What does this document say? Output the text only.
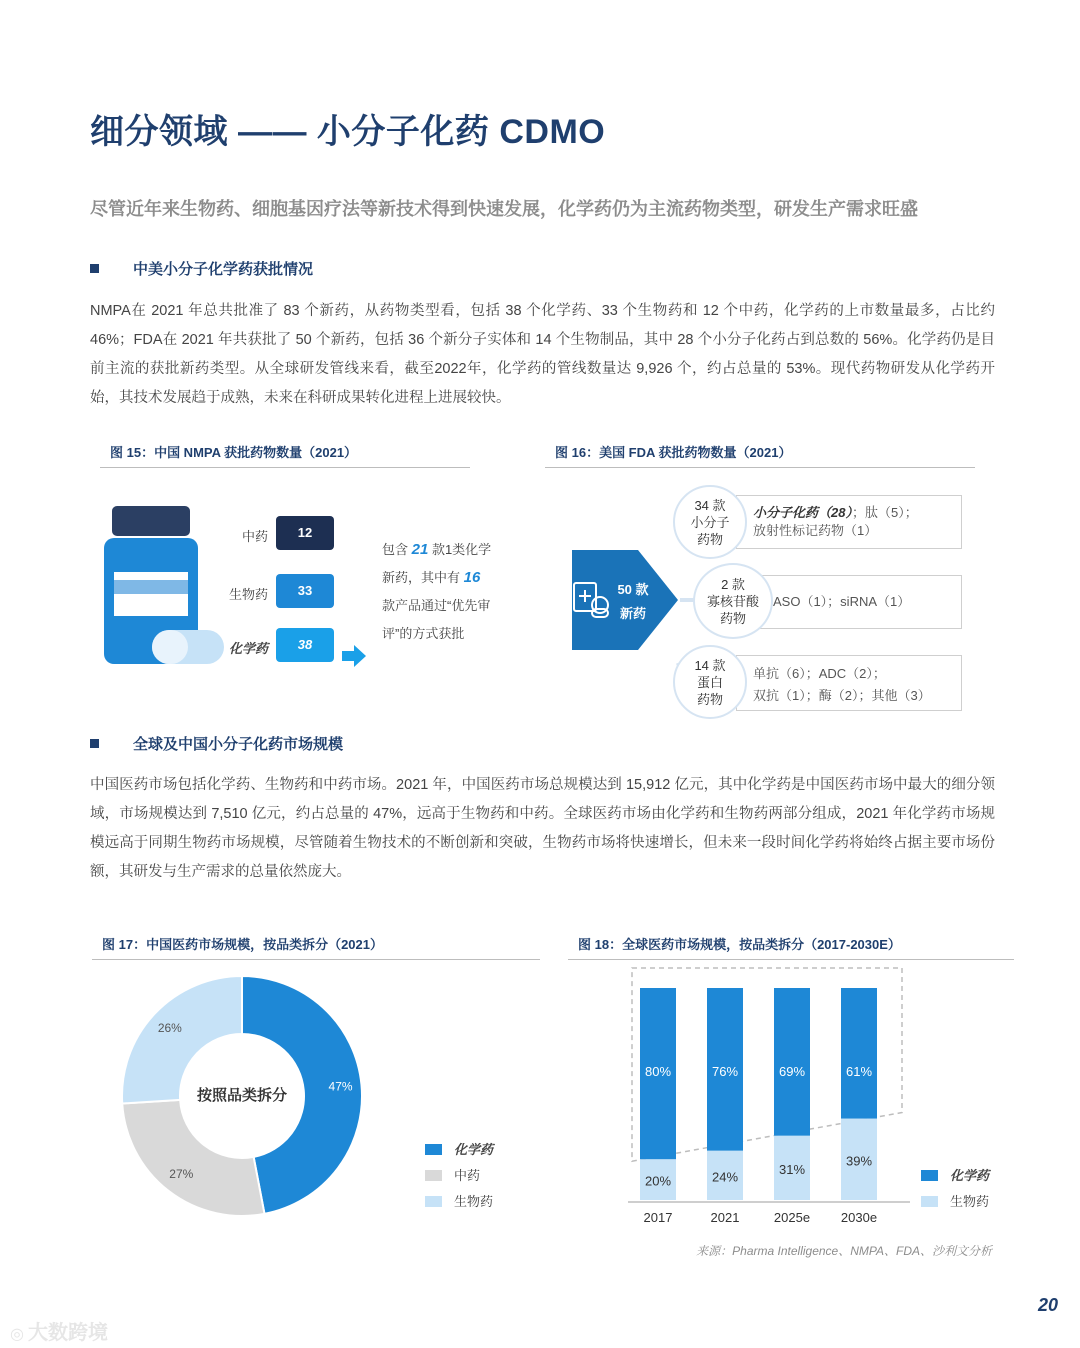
细分领域 —— 小分子化药 CDMO
尽管近年来生物药、细胞基因疗法等新技术得到快速发展，化学药仍为主流药物类型，研发生产需求旺盛
中美小分子化学药获批情况
NMPA在 2021 年总共批准了 83 个新药，从药物类型看，包括 38 个化学药、33 个生物药和 12 个中药，化学药的上市数量最多，占比约 46%；FDA在 2021 年共获批了 50 个新药，包括 36 个新分子实体和 14 个生物制品，其中 28 个小分子化药占到总数的 56%。化学药仍是目前主流的获批新药类型。从全球研发管线来看，截至2022年，化学药的管线数量达 9,926 个，约占总量的 53%。现代药物研发从化学药开始，其技术发展趋于成熟，未来在科研成果转化进程上进展较快。
图 15：中国 NMPA 获批药物数量（2021）
中药	12
生物药	33
化学药	38
包含 21 款1类化学新药，其中有 16款产品通过“优先审评”的方式获批
图 16：美国 FDA 获批药物数量（2021）
50 款
新药
小分子化药（28）；肽（5）；
放射性标记药物（1）
34 款
小分子
药物
ASO（1）；siRNA（1）
2 款
寡核苷酸
药物
单抗（6）；ADC（2）；
双抗（1）；酶（2）；其他（3）
14 款
蛋白
药物
全球及中国小分子化药市场规模
中国医药市场包括化学药、生物药和中药市场。2021 年，中国医药市场总规模达到 15,912 亿元，其中化学药是中国医药市场中最大的细分领域，市场规模达到 7,510 亿元，约占总量的 47%，远高于生物药和中药。全球医药市场由化学药和生物药两部分组成，2021 年化学药市场规模远高于同期生物药市场规模，尽管随着生物技术的不断创新和突破，生物药市场将快速增长，但未来一段时间化学药将始终占据主要市场份额，其研发与生产需求的总量依然庞大。
图 17：中国医药市场规模，按品类拆分（2021）
47%
27%
26%
按照品类拆分
化学药
中药
生物药
图 18：全球医药市场规模，按品类拆分（2017-2030E）
20%
80%
2017
24%
76%
2021
31%
69%
2025e
39%
61%
2030e
化学药
生物药
来源：Pharma Intelligence、NMPA、FDA、沙利文分析
20
◎ 大数跨境
